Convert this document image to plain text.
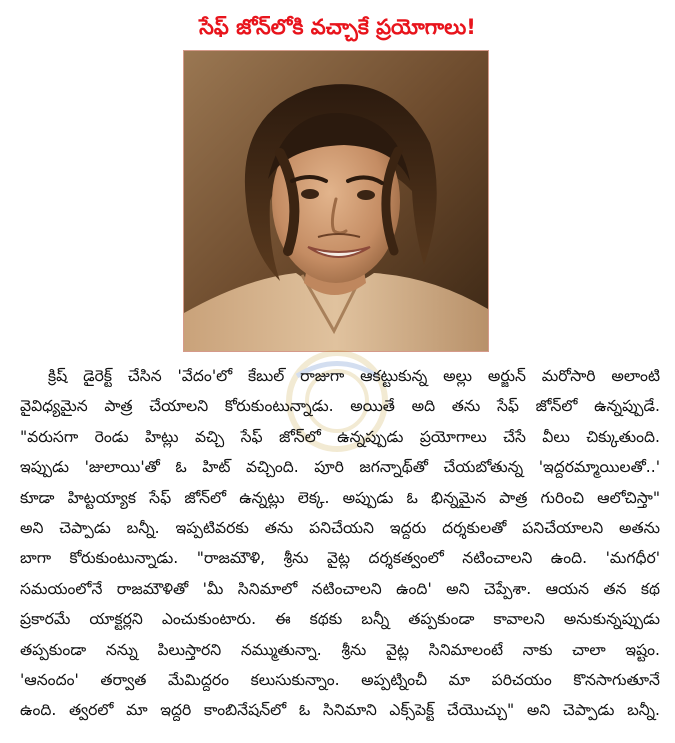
సేఫ్ జోన్‌లోకి వచ్చాకే ప్రయోగాలు!
క్రిష్ డైరెక్ట్ చేసిన 'వేదం'లో కేబుల్ రాజుగా ఆకట్టుకున్న అల్లు అర్జున్ మరోసారి అలాంటి
వైవిధ్యమైన పాత్ర చేయాలని కోరుకుంటున్నాడు. అయితే అది తను సేఫ్ జోన్‌లో ఉన్నప్పుడే.
"వరుసగా రెండు హిట్లు వచ్చి సేఫ్ జోన్‌లో ఉన్నప్పుడు ప్రయోగాలు చేసే వీలు చిక్కుతుంది.
ఇప్పుడు 'జులాయి'తో ఓ హిట్ వచ్చింది. పూరి జగన్నాథ్‌తో చేయబోతున్న 'ఇద్దరమ్మాయిలతో..'
కూడా హిట్టయ్యాక సేఫ్ జోన్‌లో ఉన్నట్లు లెక్క. అప్పుడు ఓ భిన్నమైన పాత్ర గురించి ఆలోచిస్తా"
అని చెప్పాడు బన్నీ. ఇప్పటివరకు తను పనిచేయని ఇద్దరు దర్శకులతో పనిచేయాలని అతను
బాగా కోరుకుంటున్నాడు. "రాజమౌళి, శ్రీను వైట్ల దర్శకత్వంలో నటించాలని ఉంది. 'మగధీర'
సమయంలోనే రాజమౌళితో 'మీ సినిమాలో నటించాలని ఉంది' అని చెప్పేశా. ఆయన తన కథ
ప్రకారమే యాక్టర్లని ఎంచుకుంటారు. ఈ కథకు బన్నీ తప్పకుండా కావాలని అనుకున్నప్పుడు
తప్పకుండా నన్ను పిలుస్తారని నమ్ముతున్నా. శ్రీను వైట్ల సినిమాలంటే నాకు చాలా ఇష్టం.
'ఆనందం' తర్వాత మేమిద్దరం కలుసుకున్నాం. అప్పట్నించీ మా పరిచయం కొనసాగుతూనే
ఉంది. త్వరలో మా ఇద్దరి కాంబినేషన్‌లో ఓ సినిమాని ఎక్స్‌పెక్ట్ చేయొచ్చు" అని చెప్పాడు బన్నీ.
